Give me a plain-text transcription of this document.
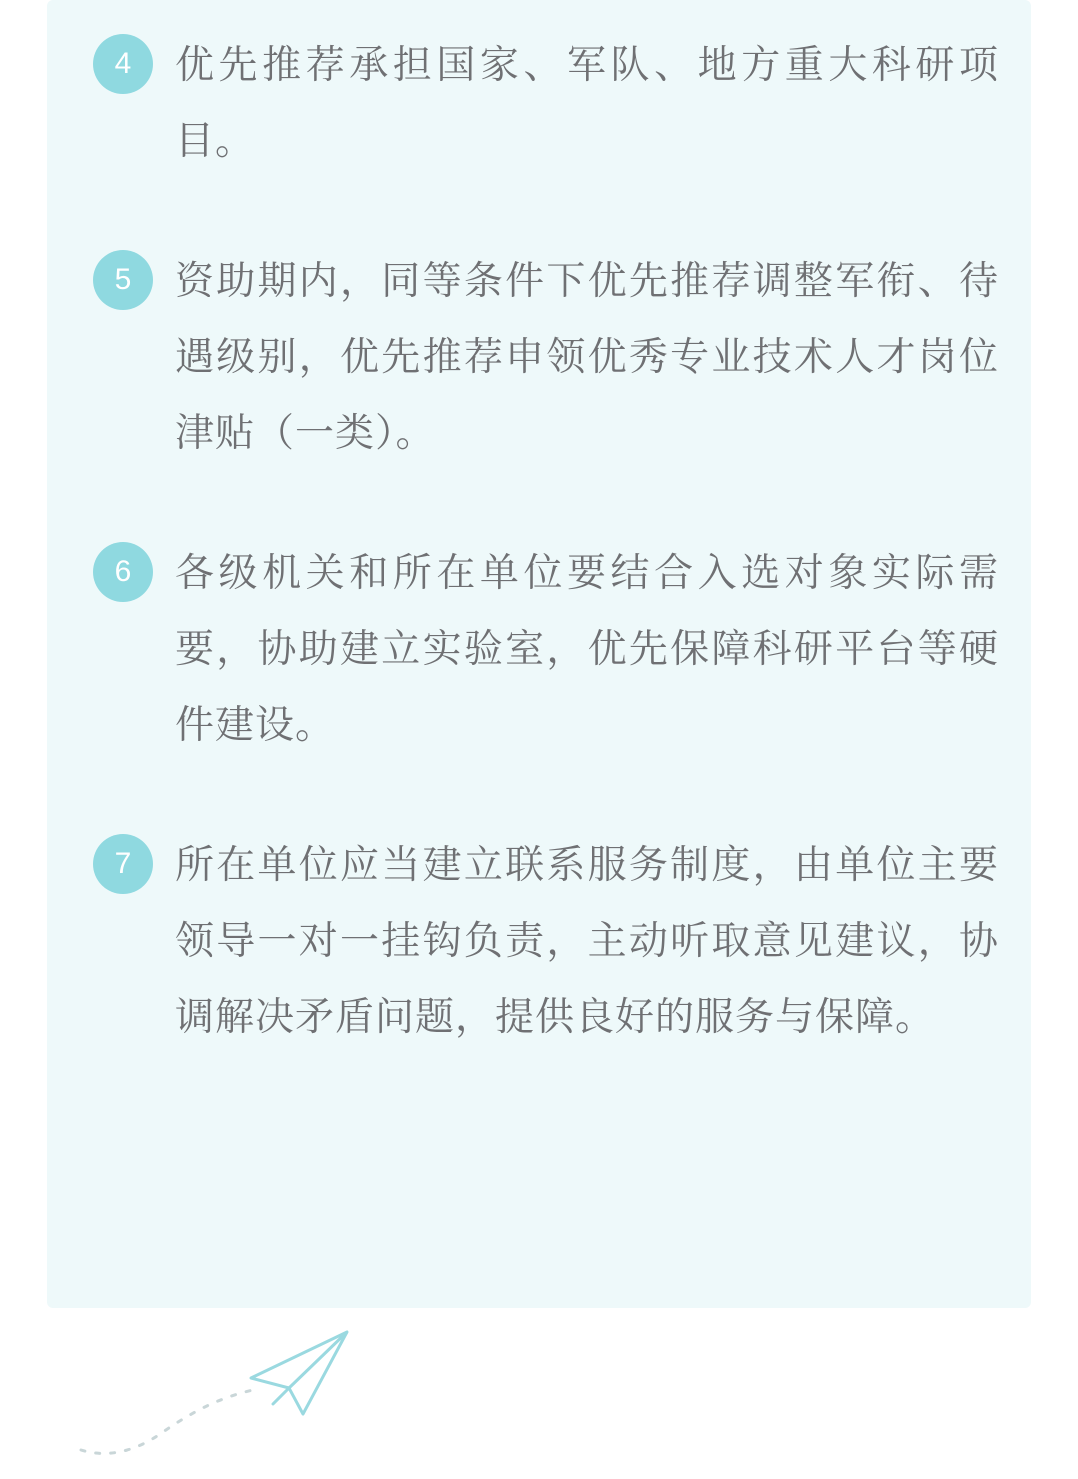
4	优先推荐承担国家、军队、地方重大科研项目。
5	资助期内，同等条件下优先推荐调整军衔、待遇级别，优先推荐申领优秀专业技术人才岗位津贴（一类）。
6	各级机关和所在单位要结合入选对象实际需要，协助建立实验室，优先保障科研平台等硬件建设。
7	所在单位应当建立联系服务制度，由单位主要领导一对一挂钩负责，主动听取意见建议，协调解决矛盾问题，提供良好的服务与保障。
